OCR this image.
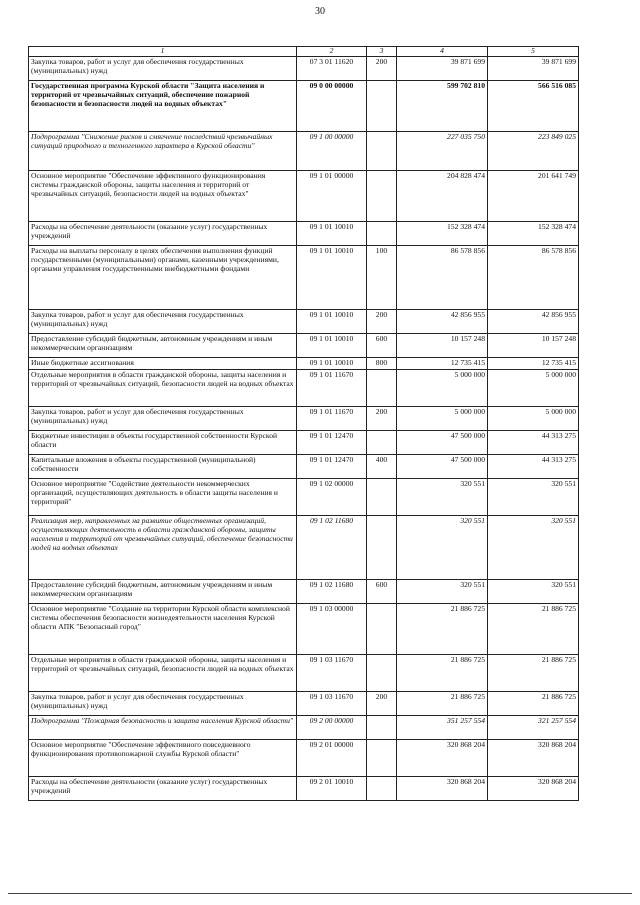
30
1	2	3	4	5
Закупка товаров, работ и услуг для обеспечения государственных (муниципальных) нужд	07 3 01 11620	200	39 871 699	39 871 699
Государственная программа Курской области "Защита населения и территорий от чрезвычайных ситуаций, обеспечение пожарной безопасности и безопасности людей на водных объектах"	09 0 00 00000		599 702 810	566 516 085
Подпрограмма "Снижение рисков и смягчение последствий чрезвычайных ситуаций природного и техногенного характера в Курской области"	09 1 00 00000		227 035 750	223 849 025
Основное мероприятие "Обеспечение эффективного функционирования системы гражданской обороны, защиты населения и территорий от чрезвычайных ситуаций, безопасности людей на водных объектах"	09 1 01 00000		204 828 474	201 641 749
Расходы на обеспечение деятельности (оказание услуг) государственных учреждений	09 1 01 10010		152 328 474	152 328 474
Расходы на выплаты персоналу в целях обеспечения выполнения функций государственными (муниципальными) органами, казенными учреждениями, органами управления государственными внебюджетными фондами	09 1 01 10010	100	86 578 856	86 578 856
Закупка товаров, работ и услуг для обеспечения государственных (муниципальных) нужд	09 1 01 10010	200	42 856 955	42 856 955
Предоставление субсидий бюджетным, автономным учреждениям и иным некоммерческим организациям	09 1 01 10010	600	10 157 248	10 157 248
Иные бюджетные ассигнования	09 1 01 10010	800	12 735 415	12 735 415
Отдельные мероприятия в области гражданской обороны, защиты населения и территорий от чрезвычайных ситуаций, безопасности людей на водных объектах	09 1 01 11670		5 000 000	5 000 000
Закупка товаров, работ и услуг для обеспечения государственных (муниципальных) нужд	09 1 01 11670	200	5 000 000	5 000 000
Бюджетные инвестиции в объекты государственной собственности Курской области	09 1 01 12470		47 500 000	44 313 275
Капитальные вложения в объекты государственной (муниципальной) собственности	09 1 01 12470	400	47 500 000	44 313 275
Основное мероприятие "Содействие деятельности некоммерческих организаций, осуществляющих деятельность в области защиты населения и территорий"	09 1 02 00000		320 551	320 551
Реализация мер, направленных на развитие общественных организаций, осуществляющих деятельность в области гражданской обороны, защиты населения и территорий от чрезвычайных ситуаций, обеспечение безопасности людей на водных объектах	09 1 02 11680		320 551	320 551
Предоставление субсидий бюджетным, автономным учреждениям и иным некоммерческим организациям	09 1 02 11680	600	320 551	320 551
Основное мероприятие "Создание на территории Курской области комплексной системы обеспечения безопасности жизнедеятельности населения Курской области АПК "Безопасный город"	09 1 03 00000		21 886 725	21 886 725
Отдельные мероприятия в области гражданской обороны, защиты населения и территорий от чрезвычайных ситуаций, безопасности людей на водных объектах	09 1 03 11670		21 886 725	21 886 725
Закупка товаров, работ и услуг для обеспечения государственных (муниципальных) нужд	09 1 03 11670	200	21 886 725	21 886 725
Подпрограмма "Пожарная безопасность и защита населения Курской области"	09 2 00 00000		351 257 554	321 257 554
Основное мероприятие "Обеспечение эффективного повседневного функционирования противопожарной службы Курской области"	09 2 01 00000		320 868 204	320 868 204
Расходы на обеспечение деятельности (оказание услуг) государственных учреждений	09 2 01 10010		320 868 204	320 868 204
